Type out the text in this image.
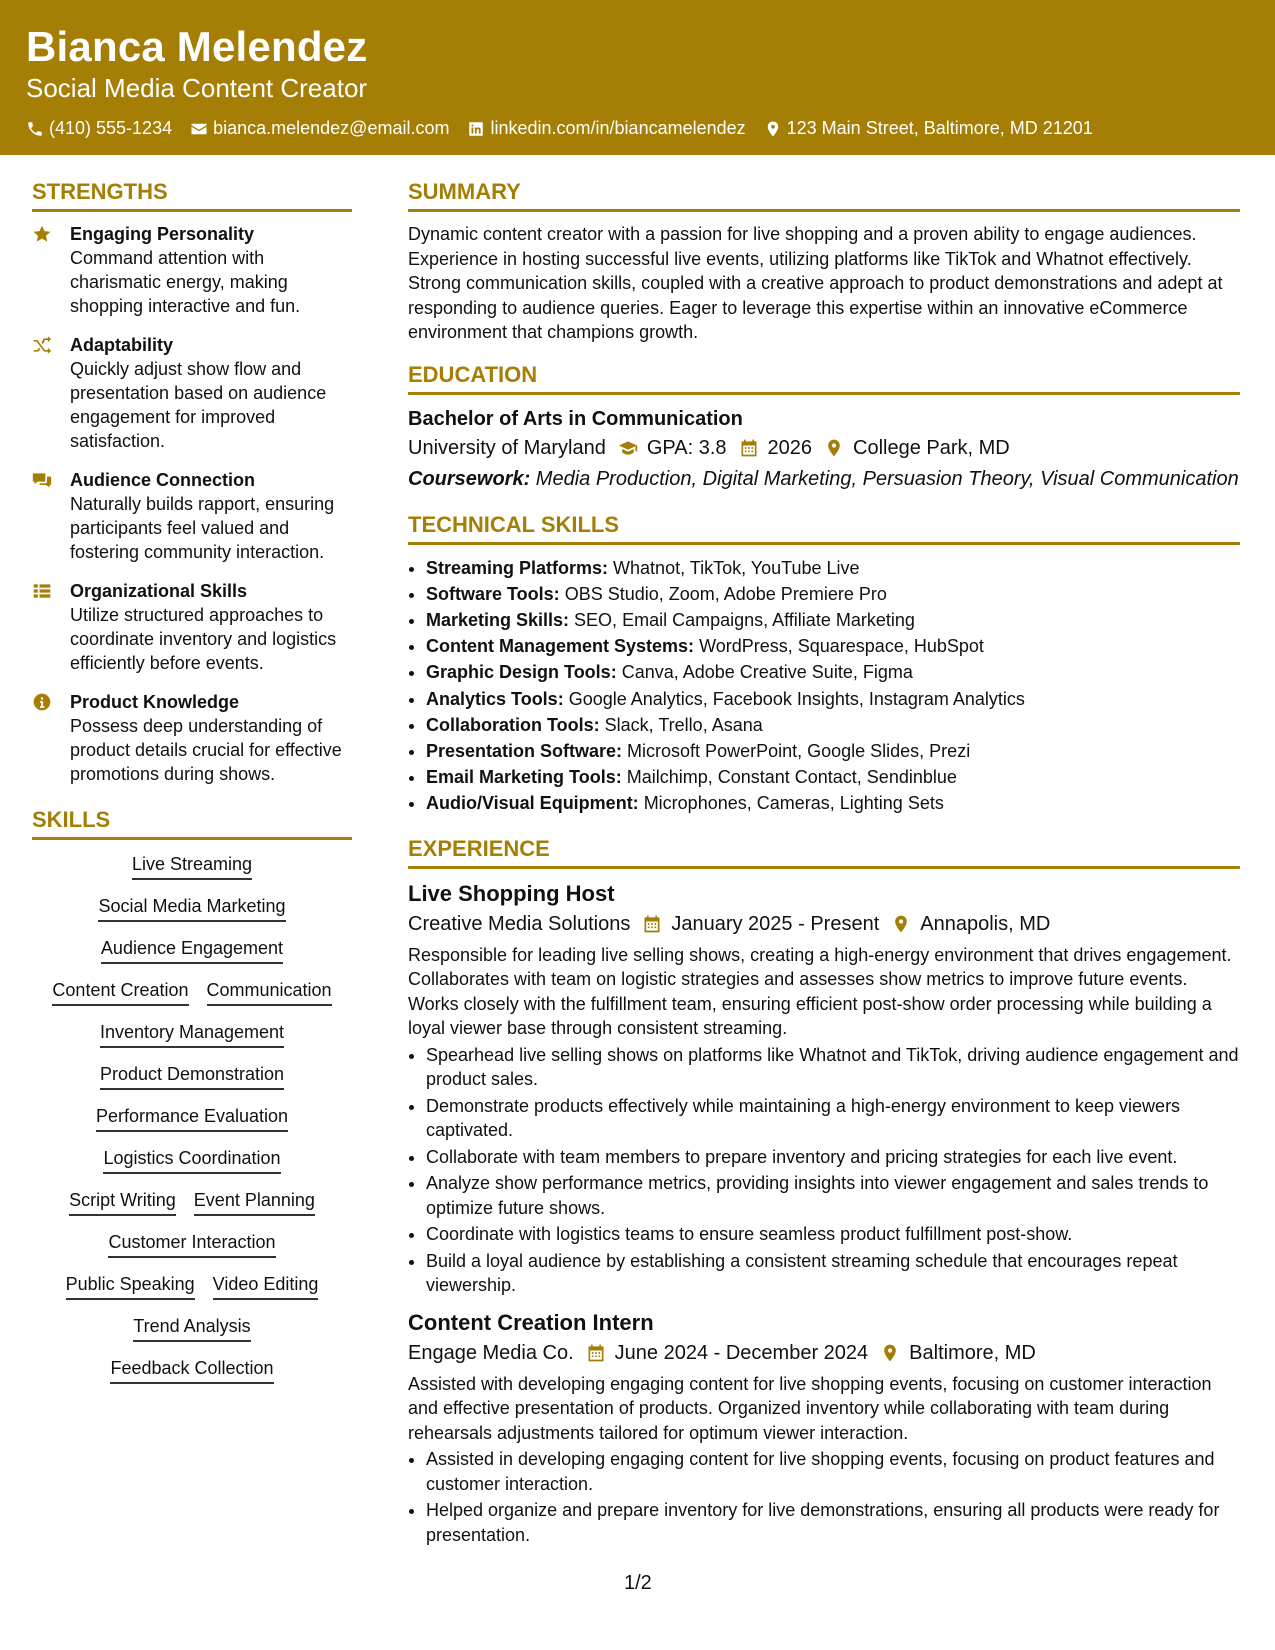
Bianca Melendez
Social Media Content Creator
(410) 555-1234 bianca.melendez@email.com linkedin.com/in/biancamelendez 123 Main Street, Baltimore, MD 21201
STRENGTHS
Engaging Personality
Command attention with charismatic energy, making shopping interactive and fun.
Adaptability
Quickly adjust show flow and presentation based on audience engagement for improved satisfaction.
Audience Connection
Naturally builds rapport, ensuring participants feel valued and fostering community interaction.
Organizational Skills
Utilize structured approaches to coordinate inventory and logistics efficiently before events.
Product Knowledge
Possess deep understanding of product details crucial for effective promotions during shows.
SKILLS
Live Streaming
Social Media Marketing
Audience Engagement
Content Creation Communication
Inventory Management
Product Demonstration
Performance Evaluation
Logistics Coordination
Script Writing Event Planning
Customer Interaction
Public Speaking Video Editing
Trend Analysis
Feedback Collection
SUMMARY
Dynamic content creator with a passion for live shopping and a proven ability to engage audiences. Experience in hosting successful live events, utilizing platforms like TikTok and Whatnot effectively. Strong communication skills, coupled with a creative approach to product demonstrations and adept at responding to audience queries. Eager to leverage this expertise within an innovative eCommerce environment that champions growth.
EDUCATION
Bachelor of Arts in Communication
University of Maryland GPA: 3.8 2026 College Park, MD
Coursework: Media Production, Digital Marketing, Persuasion Theory, Visual Communication
TECHNICAL SKILLS
• Streaming Platforms: Whatnot, TikTok, YouTube Live
• Software Tools: OBS Studio, Zoom, Adobe Premiere Pro
• Marketing Skills: SEO, Email Campaigns, Affiliate Marketing
• Content Management Systems: WordPress, Squarespace, HubSpot
• Graphic Design Tools: Canva, Adobe Creative Suite, Figma
• Analytics Tools: Google Analytics, Facebook Insights, Instagram Analytics
• Collaboration Tools: Slack, Trello, Asana
• Presentation Software: Microsoft PowerPoint, Google Slides, Prezi
• Email Marketing Tools: Mailchimp, Constant Contact, Sendinblue
• Audio/Visual Equipment: Microphones, Cameras, Lighting Sets
EXPERIENCE
Live Shopping Host
Creative Media Solutions January 2025 - Present Annapolis, MD
Responsible for leading live selling shows, creating a high-energy environment that drives engagement. Collaborates with team on logistic strategies and assesses show metrics to improve future events. Works closely with the fulfillment team, ensuring efficient post-show order processing while building a loyal viewer base through consistent streaming.
• Spearhead live selling shows on platforms like Whatnot and TikTok, driving audience engagement and product sales.
• Demonstrate products effectively while maintaining a high-energy environment to keep viewers captivated.
• Collaborate with team members to prepare inventory and pricing strategies for each live event.
• Analyze show performance metrics, providing insights into viewer engagement and sales trends to optimize future shows.
• Coordinate with logistics teams to ensure seamless product fulfillment post-show.
• Build a loyal audience by establishing a consistent streaming schedule that encourages repeat viewership.
Content Creation Intern
Engage Media Co. June 2024 - December 2024 Baltimore, MD
Assisted with developing engaging content for live shopping events, focusing on customer interaction and effective presentation of products. Organized inventory while collaborating with team during rehearsals adjustments tailored for optimum viewer interaction.
• Assisted in developing engaging content for live shopping events, focusing on product features and customer interaction.
• Helped organize and prepare inventory for live demonstrations, ensuring all products were ready for presentation.
1/2
